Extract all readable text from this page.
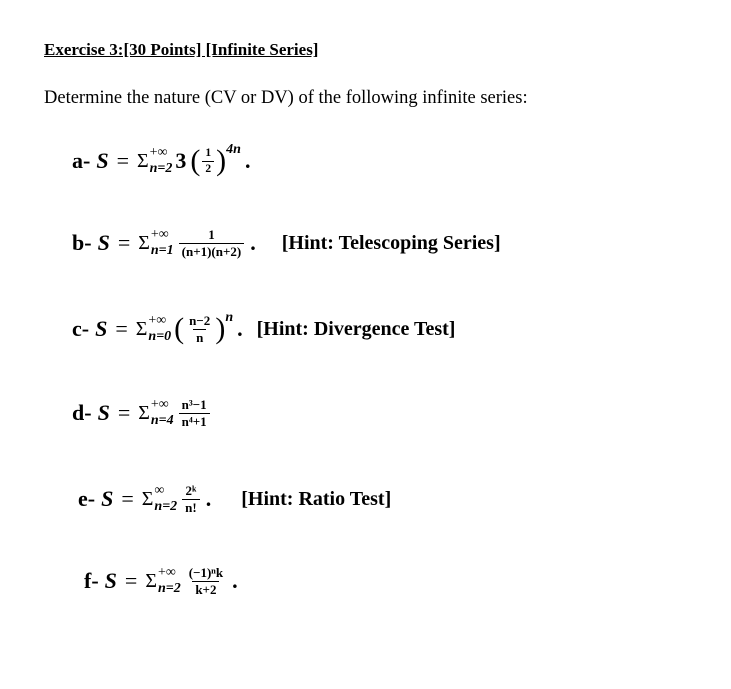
Exercise 3:[30 Points] [Infinite Series]
Determine the nature (CV or DV) of the following infinite series:
a- S = Σ +∞
n=2 3 ( $\frac{1}{2}$ ) 4n .
b- S = Σ +∞
$n=1 \frac{1}{(n+1)(n+2)}$ . [Hint: Telescoping Series]
c- S = Σ +∞
n=0 ( $\frac{n-2}{n}$ ) n . [Hint: Divergence Test]
d- S = Σ +∞
$n=4 \frac{\text{n³−1}}{\text{n⁴+1}}$
e- S = Σ ∞
$n=2 \frac{\text{2ᵏ}}{n!}$ . [Hint: Ratio Test]
f- S = Σ +∞
$n=2 \frac{\text{(−1)ⁿk}}{k+2}$ .
